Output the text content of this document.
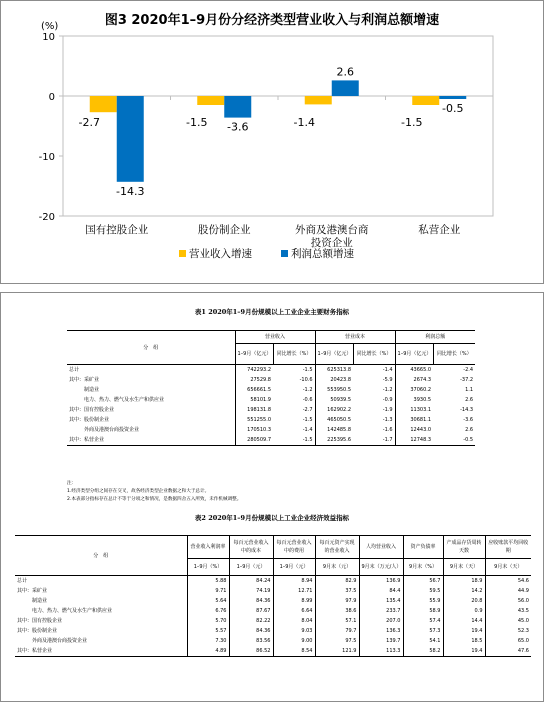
图3 2020年1–9月份分经济类型营业收入与利润总额增速
(%)
-20
-10
0
10
-2.7
-14.3
国有控股企业
-1.5 -3.6
股份制企业
-1.4
2.6
外商及港澳台商
投资企业
-1.5
-0.5
私营企业
营业收入增速	利润总额增速
表1 2020年1–9月份规模以上工业企业主要财务指标
分　组	营业收入		营业成本		利润总额	
	1–9月（亿元）	同比增长（%）	1–9月（亿元）	同比增长（%）	1–9月（亿元）	同比增长（%）
总计	742293.2	-1.5	625313.8	-1.4	43665.0	-2.4
其中：采矿业	27529.8	-10.6	20423.8	-5.9	2674.3	-37.2
　　　制造业	656661.5	-1.2	553950.5	-1.2	37060.2	1.1
　　　电力、热力、燃气及水生产和供应业	58101.9	-0.6	50939.5	-0.9	3930.5	2.6
其中：国有控股企业	198131.8	-2.7	162902.2	-1.9	11303.1	-14.3
其中：股份制企业	551255.0	-1.5	465050.5	-1.3	30681.1	-3.6
　　　外商及港澳台商投资企业	170510.3	-1.4	142485.8	-1.6	12443.0	2.6
其中：私营企业	280509.7	-1.5	225395.6	-1.7	12748.3	-0.5
注：
1.经济类型分组之间存在交叉，故各经济类型企业数据之和大于总计。
2.本表部分指标存在总计不等于分项之和情况，是数据四舍五入所致，未作机械调整。
表2 2020年1–9月份规模以上工业企业经济效益指标
分　组	营业收入利润率	每百元营业收入中的成本	每百元营业收入中的费用	每百元资产实现的营业收入	人均营业收入	资产负债率	产成品存货周转天数	应收账款平均回收期
	1–9月（%）	1–9月（元）	1–9月（元）	9月末（元）	9月末（万元/人）	9月末（%）	9月末（天）	9月末（天）
总计	5.88	84.24	8.94	82.9	136.9	56.7	18.9	54.6
其中：采矿业	9.71	74.19	12.71	37.5	84.4	59.5	14.2	44.9
　　　制造业	5.64	84.36	8.99	97.9	135.4	55.9	20.8	56.0
　　　电力、热力、燃气及水生产和供应业	6.76	87.67	6.64	38.6	233.7	58.9	0.9	43.5
其中：国有控股企业	5.70	82.22	8.04	57.1	207.0	57.4	14.4	45.0
其中：股份制企业	5.57	84.36	9.03	79.7	136.3	57.3	19.4	52.3
　　　外商及港澳台商投资企业	7.30	83.56	9.00	97.5	139.7	54.1	18.5	65.0
其中：私营企业	4.89	86.52	8.54	121.9	113.3	58.2	19.4	47.6
